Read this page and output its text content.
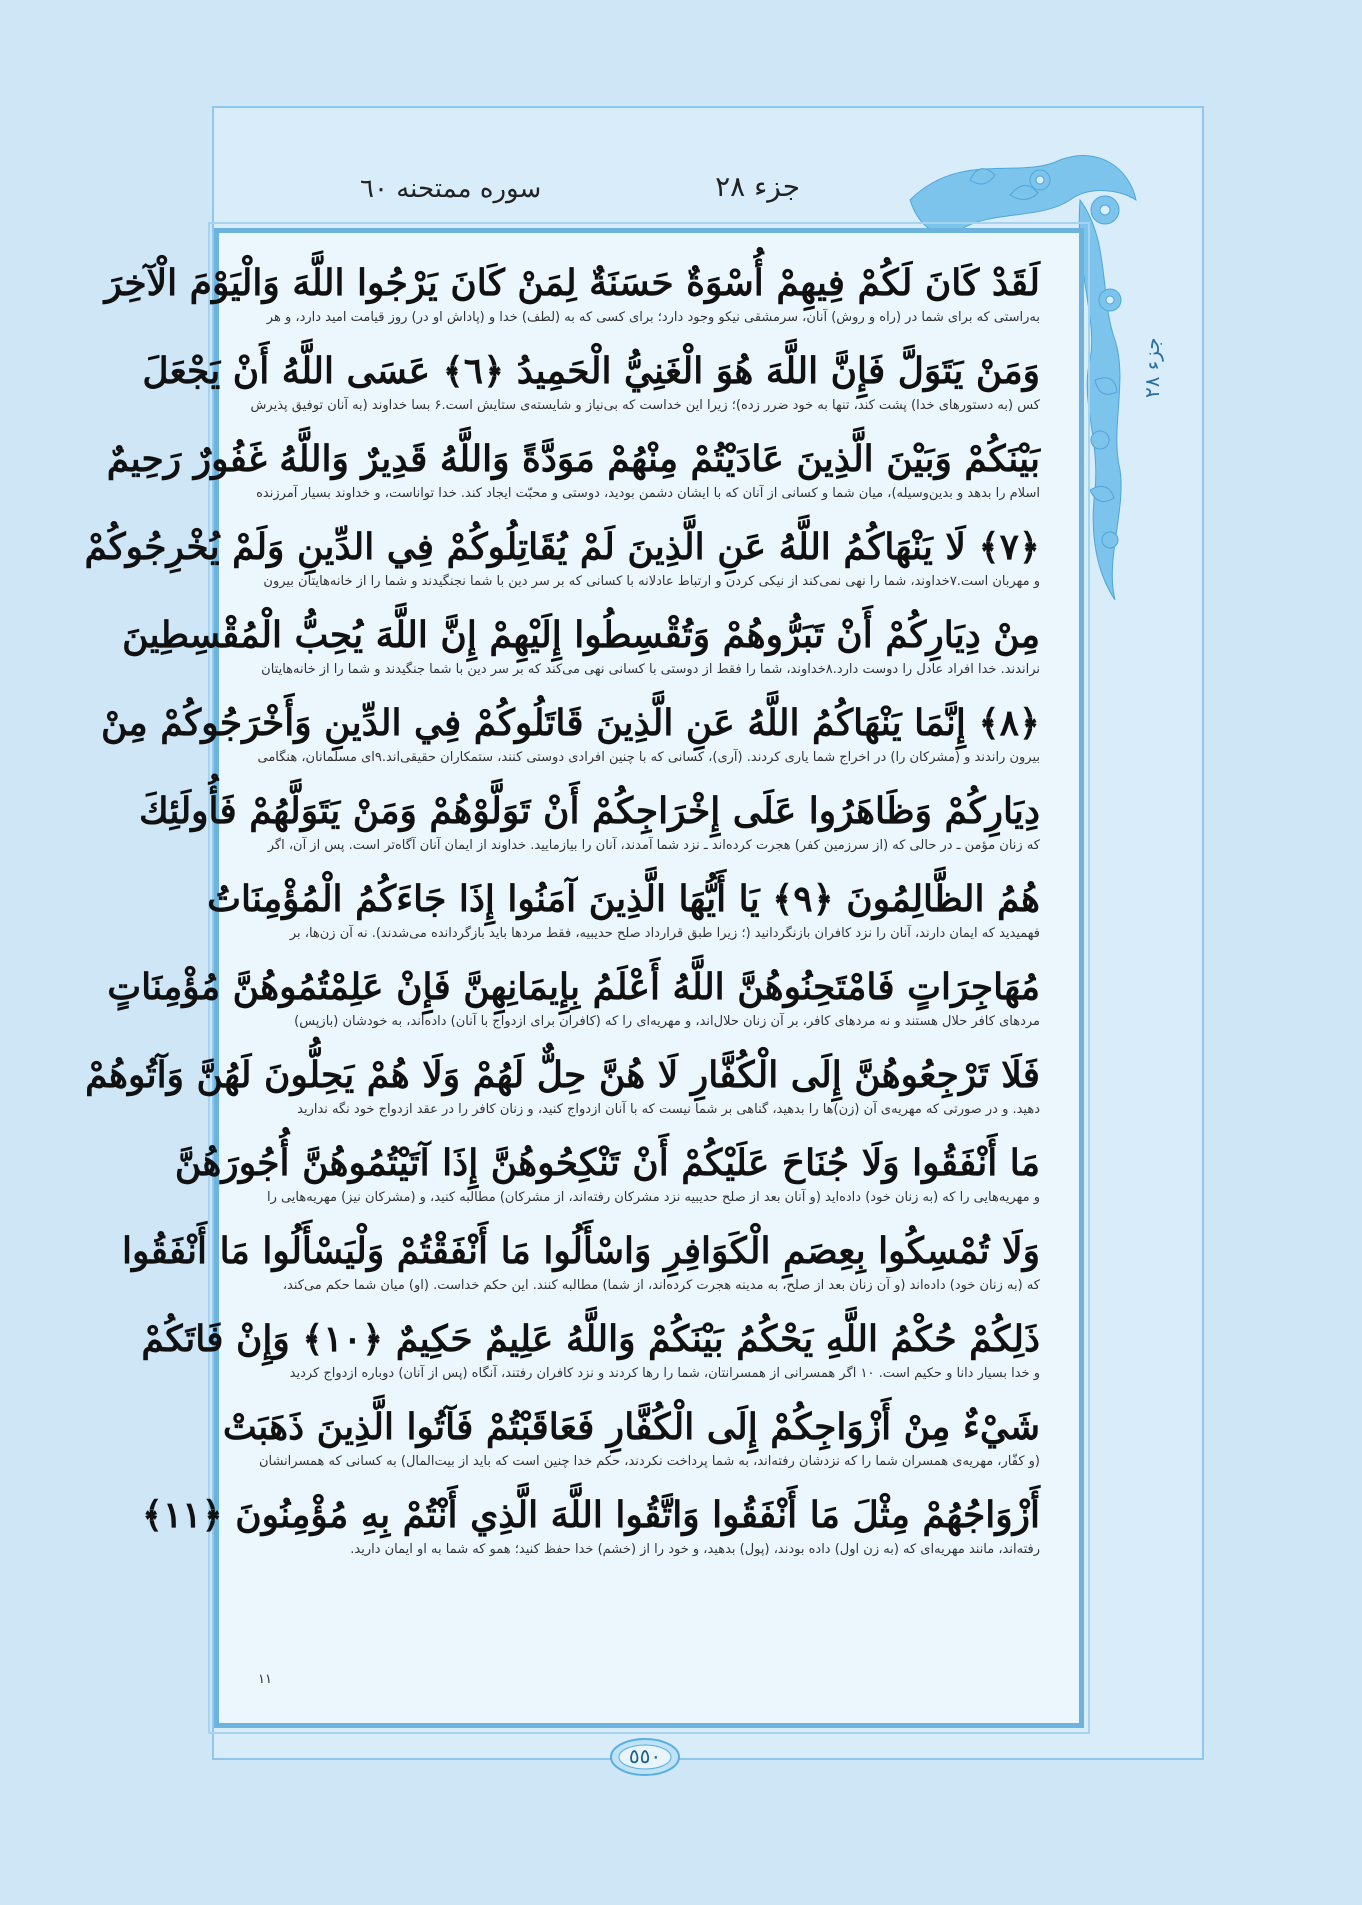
جزء ٢٨
جزء ٢٨
سوره ممتحنه ٦٠
لَقَدْ كَانَ لَكُمْ فِيهِمْ أُسْوَةٌ حَسَنَةٌ لِمَنْ كَانَ يَرْجُوا اللَّهَ وَالْيَوْمَ الْآخِرَ
به‌راستی که برای شما در (راه و روش) آنان، سرمشقی نیکو وجود دارد؛ برای کسی که به (لطف) خدا و (پاداش او در) روز قیامت امید دارد، و هر
وَمَنْ يَتَوَلَّ فَإِنَّ اللَّهَ هُوَ الْغَنِيُّ الْحَمِيدُ ﴿٦﴾ عَسَى اللَّهُ أَنْ يَجْعَلَ
کس (به دستورهای خدا) پشت کند، تنها به خود ضرر زده)؛ زیرا این خداست که بی‌نیاز و شایسته‌ی ستایش است.۶ بسا خداوند (به آنان توفیق پذیرش
بَيْنَكُمْ وَبَيْنَ الَّذِينَ عَادَيْتُمْ مِنْهُمْ مَوَدَّةً وَاللَّهُ قَدِيرٌ وَاللَّهُ غَفُورٌ رَحِيمٌ
اسلام را بدهد و بدین‌وسیله)، میان شما و کسانی از آنان که با ایشان دشمن بودید، دوستی و محبّت ایجاد کند. خدا تواناست، و خداوند بسیار آمرزنده
﴿٧﴾ لَا يَنْهَاكُمُ اللَّهُ عَنِ الَّذِينَ لَمْ يُقَاتِلُوكُمْ فِي الدِّينِ وَلَمْ يُخْرِجُوكُمْ
و مهربان است.۷خداوند، شما را نهی نمی‌کند از نیکی کردن و ارتباط عادلانه با کسانی که بر سر دین با شما نجنگیدند و شما را از خانه‌هایتان بیرون
مِنْ دِيَارِكُمْ أَنْ تَبَرُّوهُمْ وَتُقْسِطُوا إِلَيْهِمْ إِنَّ اللَّهَ يُحِبُّ الْمُقْسِطِينَ
نراندند. خدا افراد عادل را دوست دارد.۸خداوند، شما را فقط از دوستی با کسانی نهی می‌کند که بر سر دین با شما جنگیدند و شما را از خانه‌هایتان
﴿٨﴾ إِنَّمَا يَنْهَاكُمُ اللَّهُ عَنِ الَّذِينَ قَاتَلُوكُمْ فِي الدِّينِ وَأَخْرَجُوكُمْ مِنْ
بیرون راندند و (مشرکان را) در اخراج شما یاری کردند. (آری)، کسانی که با چنین افرادی دوستی کنند، ستمکاران حقیقی‌اند.۹ای مسلمانان، هنگامی
دِيَارِكُمْ وَظَاهَرُوا عَلَى إِخْرَاجِكُمْ أَنْ تَوَلَّوْهُمْ وَمَنْ يَتَوَلَّهُمْ فَأُولَئِكَ
که زنان مؤمن ـ در حالی که (از سرزمین کفر) هجرت کرده‌اند ـ نزد شما آمدند، آنان را بیازمایید. خداوند از ایمان آنان آگاه‌تر است. پس از آن، اگر
هُمُ الظَّالِمُونَ ﴿٩﴾ يَا أَيُّهَا الَّذِينَ آمَنُوا إِذَا جَاءَكُمُ الْمُؤْمِنَاتُ
فهمیدید که ایمان دارند، آنان را نزد کافران بازنگردانید (؛ زیرا طبق قرارداد صلح حدیبیه، فقط مردها باید بازگردانده می‌شدند). نه آن زن‌ها، بر
مُهَاجِرَاتٍ فَامْتَحِنُوهُنَّ اللَّهُ أَعْلَمُ بِإِيمَانِهِنَّ فَإِنْ عَلِمْتُمُوهُنَّ مُؤْمِنَاتٍ
مردهای کافر حلال هستند و نه مردهای کافر، بر آن زنان حلال‌اند، و مهریه‌ای را که (کافران برای ازدواج با آنان) داده‌اند، به خودشان (بازپس)
فَلَا تَرْجِعُوهُنَّ إِلَى الْكُفَّارِ لَا هُنَّ حِلٌّ لَهُمْ وَلَا هُمْ يَحِلُّونَ لَهُنَّ وَآتُوهُمْ
دهید. و در صورتی که مهریه‌ی آن (زن)ها را بدهید، گناهی بر شما نیست که با آنان ازدواج کنید، و زنان کافر را در عقد ازدواج خود نگه ندارید
مَا أَنْفَقُوا وَلَا جُنَاحَ عَلَيْكُمْ أَنْ تَنْكِحُوهُنَّ إِذَا آتَيْتُمُوهُنَّ أُجُورَهُنَّ
و مهریه‌هایی را که (به زنان خود) داده‌اید (و آنان بعد از صلح حدیبیه نزد مشرکان رفته‌اند، از مشرکان) مطالبه کنید، و (مشرکان نیز) مهریه‌هایی را
وَلَا تُمْسِكُوا بِعِصَمِ الْكَوَافِرِ وَاسْأَلُوا مَا أَنْفَقْتُمْ وَلْيَسْأَلُوا مَا أَنْفَقُوا
که (به زنان خود) داده‌اند (و آن زنان بعد از صلح، به مدینه هجرت کرده‌اند، از شما) مطالبه کنند. این حکم خداست. (او) میان شما حکم می‌کند،
ذَلِكُمْ حُكْمُ اللَّهِ يَحْكُمُ بَيْنَكُمْ وَاللَّهُ عَلِيمٌ حَكِيمٌ ﴿١٠﴾ وَإِنْ فَاتَكُمْ
و خدا بسیار دانا و حکیم است. ۱۰ اگر همسرانی از همسرانتان، شما را رها کردند و نزد کافران رفتند، آنگاه (پس از آنان) دوباره ازدواج کردید
شَيْءٌ مِنْ أَزْوَاجِكُمْ إِلَى الْكُفَّارِ فَعَاقَبْتُمْ فَآتُوا الَّذِينَ ذَهَبَتْ
(و کفّار، مهریه‌ی همسران شما را که نزدشان رفته‌اند، به شما پرداخت نکردند، حکم خدا چنین است که باید از بیت‌المال) به کسانی که همسرانشان
أَزْوَاجُهُمْ مِثْلَ مَا أَنْفَقُوا وَاتَّقُوا اللَّهَ الَّذِي أَنْتُمْ بِهِ مُؤْمِنُونَ ﴿١١﴾
رفته‌اند، مانند مهریه‌ای که (به زن اول) داده بودند، (پول) بدهید، و خود را از (خشم) خدا حفظ کنید؛ همو که شما به او ایمان دارید.
١١
٥٥٠
